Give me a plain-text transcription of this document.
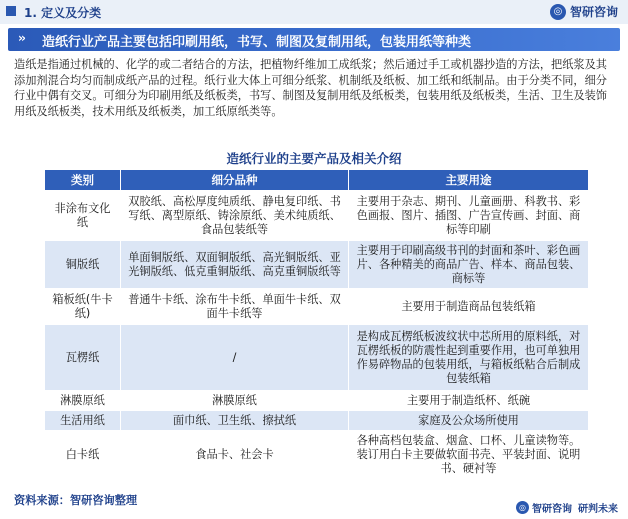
1. 定义及分类	◎ 智研咨询
›› 造纸行业产品主要包括印刷用纸，书写、制图及复制用纸，包装用纸等种类

造纸是指通过机械的、化学的或二者结合的方法，把植物纤维加工成纸浆；然后通过手工或机器抄造的方法，把纸浆及其添加剂混合均匀而制成纸产品的过程。纸行业大体上可细分纸浆、机制纸及纸板、加工纸和纸制品。由于分类不同，细分行业中偶有交叉。可细分为印刷用纸及纸板类，书写、制图及复制用纸及纸板类，包装用纸及纸板类，生活、卫生及装饰用纸及纸板类，技术用纸及纸板类，加工纸原纸类等。

造纸行业的主要产品及相关介绍
类别	细分品种	主要用途
非涂布文化纸	双胶纸、高松厚度纯质纸、静电复印纸、书写纸、离型原纸、铸涂原纸、美术纯质纸、食品包装纸等	主要用于杂志、期刊、儿童画册、科教书、彩色画报、图片、插图、广告宣传画、封面、商标等印刷
铜版纸	单面铜版纸、双面铜版纸、高光铜版纸、亚光铜版纸、低克重铜版纸、高克重铜版纸等	主要用于印刷高级书刊的封面和茶叶、彩色画片、各种精美的商品广告、样本、商品包装、商标等
箱板纸(牛卡纸)	普通牛卡纸、涂布牛卡纸、单面牛卡纸、双面牛卡纸等	主要用于制造商品包装纸箱
瓦楞纸	/	是构成瓦楞纸板波纹状中芯所用的原料纸，对瓦楞纸板的防震性起到重要作用，也可单独用作易碎物品的包装用纸，与箱板纸粘合后制成包装纸箱
淋膜原纸	淋膜原纸	主要用于制造纸杯、纸碗
生活用纸	面巾纸、卫生纸、擦拭纸	家庭及公众场所使用
白卡纸	食品卡、社会卡	各种高档包装盒、烟盒、口杯、儿童读物等。装订用白卡主要做软面书壳、平装封面、说明书、硬衬等
资料来源：智研咨询整理
◎ 智研咨询 研判未来
